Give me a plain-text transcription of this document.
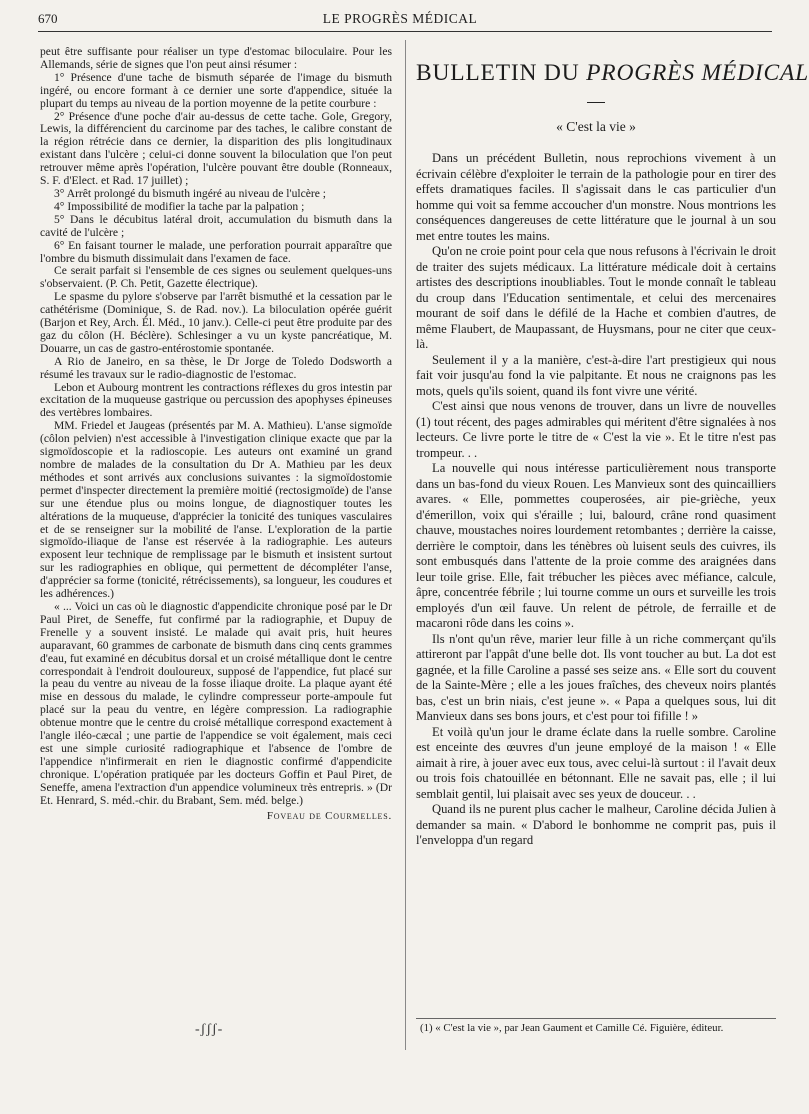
670	LE PROGRÈS MÉDICAL

peut être suffisante pour réaliser un type d'estomac biloculaire. Pour les Allemands, série de signes que l'on peut ainsi résumer :

1° Présence d'une tache de bismuth séparée de l'image du bismuth ingéré, ou encore formant à ce dernier une sorte d'appendice, située la plupart du temps au niveau de la portion moyenne de la petite courbure :

2° Présence d'une poche d'air au-dessus de cette tache. Gole, Gregory, Lewis, la différencient du carcinome par des taches, le calibre constant de la région rétrécie dans ce dernier, la disparition des plis longitudinaux existant dans l'ulcère ; celui-ci donne souvent la biloculation que l'on peut retrouver même après l'opération, l'ulcère pouvant être double (Ronneaux, S. F. d'Elect. et Rad. 17 juillet) ;

3° Arrêt prolongé du bismuth ingéré au niveau de l'ulcère ;

4° Impossibilité de modifier la tache par la palpation ;

5° Dans le décubitus latéral droit, accumulation du bismuth dans la cavité de l'ulcère ;

6° En faisant tourner le malade, une perforation pourrait apparaître que l'ombre du bismuth dissimulait dans l'examen de face.

Ce serait parfait si l'ensemble de ces signes ou seulement quelques-uns s'observaient. (P. Ch. Petit, Gazette électrique).

Le spasme du pylore s'observe par l'arrêt bismuthé et la cessation par le cathétérisme (Dominique, S. de Rad. nov.). La biloculation opérée guérit (Barjon et Rey, Arch. Él. Méd., 10 janv.). Celle-ci peut être produite par des gaz du côlon (H. Béclère). Schlesinger a vu un kyste pancréatique, M. Douarre, un cas de gastro-entérostomie spontanée.

A Rio de Janeiro, en sa thèse, le Dr Jorge de Toledo Dodsworth a résumé les travaux sur le radio-diagnostic de l'estomac.

Lebon et Aubourg montrent les contractions réflexes du gros intestin par excitation de la muqueuse gastrique ou percussion des apophyses épineuses des vertèbres lombaires.

MM. Friedel et Jaugeas (présentés par M. A. Mathieu). L'anse sigmoïde (côlon pelvien) n'est accessible à l'investigation clinique exacte que par la sigmoïdoscopie et la radioscopie. Les auteurs ont examiné un grand nombre de malades de la consultation du Dr A. Mathieu par les deux méthodes et sont arrivés aux conclusions suivantes : la sigmoïdostomie permet d'inspecter directement la première moitié (rectosigmoïde) de l'anse sur une étendue plus ou moins longue, de diagnostiquer toutes les altérations de la muqueuse, d'apprécier la tonicité des tuniques vasculaires et de se renseigner sur la mobilité de l'anse. L'exploration de la partie sigmoïdo-iliaque de l'anse est réservée à la radiographie. Les auteurs exposent leur technique de remplissage par le bismuth et insistent surtout sur les radiographies en oblique, qui permettent de décompléter l'anse, d'apprécier sa forme (tonicité, rétrécissements), sa longueur, les coudures et les adhérences.)

« ... Voici un cas où le diagnostic d'appendicite chronique posé par le Dr Paul Piret, de Seneffe, fut confirmé par la radiographie, et Dupuy de Frenelle y a souvent insisté. Le malade qui avait pris, huit heures auparavant, 60 grammes de carbonate de bismuth dans cinq cents grammes d'eau, fut examiné en décubitus dorsal et un croisé métallique dont le centre correspondait à l'endroit douloureux, supposé de l'appendice, fut placé sur la peau du ventre au niveau de la fosse iliaque droite. La plaque ayant été mise en dessous du malade, le cylindre compresseur porte-ampoule fut placé sur la peau du ventre, en légère compression. La radiographie obtenue montre que le centre du croisé métallique correspond exactement à l'angle iléo-cæcal ; une partie de l'appendice se voit également, mais ceci est une simple curiosité radiographique et l'absence de l'ombre de l'appendice n'infirmerait en rien le diagnostic confirmé d'appendicite chronique. L'opération pratiquée par les docteurs Goffin et Paul Piret, de Seneffe, amena l'extraction d'un appendice volumineux très entrepris. » (Dr Et. Henrard, S. méd.-chir. du Brabant, Sem. méd. belge.)

Foveau de Courmelles.
BULLETIN DU PROGRÈS MÉDICAL
« C'est la vie »

Dans un précédent Bulletin, nous reprochions vivement à un écrivain célèbre d'exploiter le terrain de la pathologie pour en tirer des effets dramatiques faciles. Il s'agissait dans le cas particulier d'un homme qui voit sa femme accoucher d'un monstre. Nous montrions les conséquences dangereuses de cette littérature que le journal à un sou met entre toutes les mains.

Qu'on ne croie point pour cela que nous refusons à l'écrivain le droit de traiter des sujets médicaux. La littérature médicale doit à certains artistes des descriptions inoubliables. Tout le monde connaît le tableau du croup dans l'Education sentimentale, et celui des mercenaires mourant de soif dans le défilé de la Hache et combien d'autres, de même Flaubert, de Maupassant, de Huysmans, pour ne citer que ceux-là.

Seulement il y a la manière, c'est-à-dire l'art prestigieux qui nous fait voir jusqu'au fond la vie palpitante. Et nous ne craignons pas les mots, quels qu'ils soient, quand ils font vivre une vérité.

C'est ainsi que nous venons de trouver, dans un livre de nouvelles (1) tout récent, des pages admirables qui méritent d'être signalées à nos lecteurs. Ce livre porte le titre de « C'est la vie ». Et le titre n'est pas trompeur. . .

La nouvelle qui nous intéresse particulièrement nous transporte dans un bas-fond du vieux Rouen. Les Manvieux sont des quincailliers avares. « Elle, pommettes couperosées, air pie-grièche, yeux d'émerillon, voix qui s'éraille ; lui, balourd, crâne rond quasiment chauve, moustaches noires lourdement retombantes ; derrière la caisse, derrière le comptoir, dans les ténèbres où luisent seuls des cuivres, ils sont embusqués dans l'attente de la proie comme des araignées dans leur toile grise. Elle, fait trébucher les pièces avec méfiance, calcule, âpre, concentrée fébrile ; lui tourne comme un ours et surveille les trois employés d'un œil fauve. Un relent de pétrole, de ferraille et de macaroni rôde dans les coins ».

Ils n'ont qu'un rêve, marier leur fille à un riche commerçant qu'ils attireront par l'appât d'une belle dot. Ils vont toucher au but. La dot est gagnée, et la fille Caroline a passé ses seize ans. « Elle sort du couvent de la Sainte-Mère ; elle a les joues fraîches, des cheveux noirs plantés bas, c'est un brin niais, c'est jeune ». « Papa a quelques sous, lui dit Manvieux dans ses bons jours, et c'est pour toi fifille ! »

Et voilà qu'un jour le drame éclate dans la ruelle sombre. Caroline est enceinte des œuvres d'un jeune employé de la maison ! « Elle aimait à rire, à jouer avec eux tous, avec celui-là surtout : il l'avait deux ou trois fois chatouillée en bétonnant. Elle ne savait pas, elle ; il lui semblait gentil, lui plaisait avec ses yeux de douceur. . .

Quand ils ne purent plus cacher le malheur, Caroline décida Julien à demander sa main. « D'abord le bonhomme ne comprit pas, puis il l'enveloppa d'un regard

-ʃʃʃ-	(1) « C'est la vie », par Jean Gaument et Camille Cé. Figuière, éditeur.
